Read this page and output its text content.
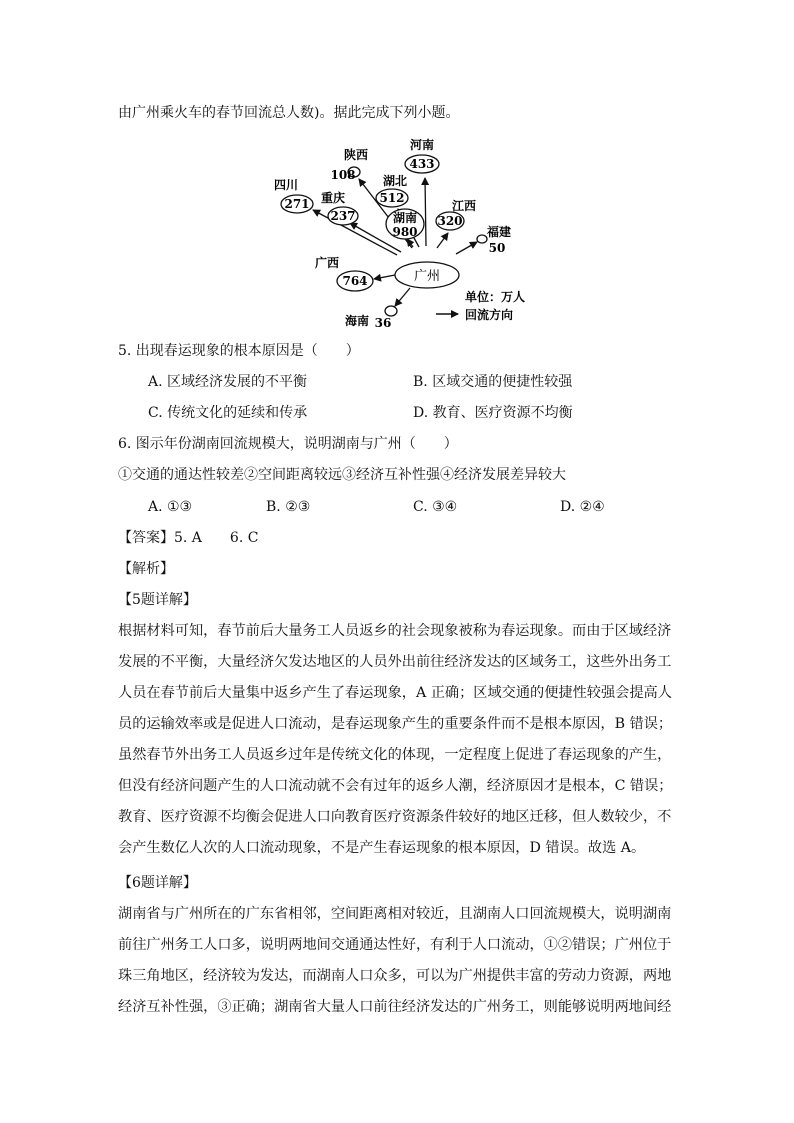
由广州乘火车的春节回流总人数)。据此完成下列小题。
广州
陕西
108
河南
433
湖北
512
四川
271 重庆
237	湖南
980
江西
320
福建
50
广西
764
海南 36
单位：万人
回流方向
5. 出现春运现象的根本原因是（　　）
A. 区域经济发展的不平衡	B. 区域交通的便捷性较强
C. 传统文化的延续和传承	D. 教育、医疗资源不均衡
6. 图示年份湖南回流规模大，说明湖南与广州（　　）
①交通的通达性较差②空间距离较远③经济互补性强④经济发展差异较大
A. ①③	B. ②③	C. ③④	D. ②④
【答案】5. A　　6. C
【解析】
【5题详解】
根据材料可知，春节前后大量务工人员返乡的社会现象被称为春运现象。而由于区域经济
发展的不平衡，大量经济欠发达地区的人员外出前往经济发达的区域务工，这些外出务工
人员在春节前后大量集中返乡产生了春运现象，A 正确；区域交通的便捷性较强会提高人
员的运输效率或是促进人口流动，是春运现象产生的重要条件而不是根本原因，B 错误；
虽然春节外出务工人员返乡过年是传统文化的体现，一定程度上促进了春运现象的产生，
但没有经济问题产生的人口流动就不会有过年的返乡人潮，经济原因才是根本，C 错误；
教育、医疗资源不均衡会促进人口向教育医疗资源条件较好的地区迁移，但人数较少，不
会产生数亿人次的人口流动现象，不是产生春运现象的根本原因，D 错误。故选 A。
【6题详解】
湖南省与广州所在的广东省相邻，空间距离相对较近，且湖南人口回流规模大，说明湖南
前往广州务工人口多，说明两地间交通通达性好，有利于人口流动，①②错误；广州位于
珠三角地区，经济较为发达，而湖南人口众多，可以为广州提供丰富的劳动力资源，两地
经济互补性强，③正确；湖南省大量人口前往经济发达的广州务工，则能够说明两地间经
